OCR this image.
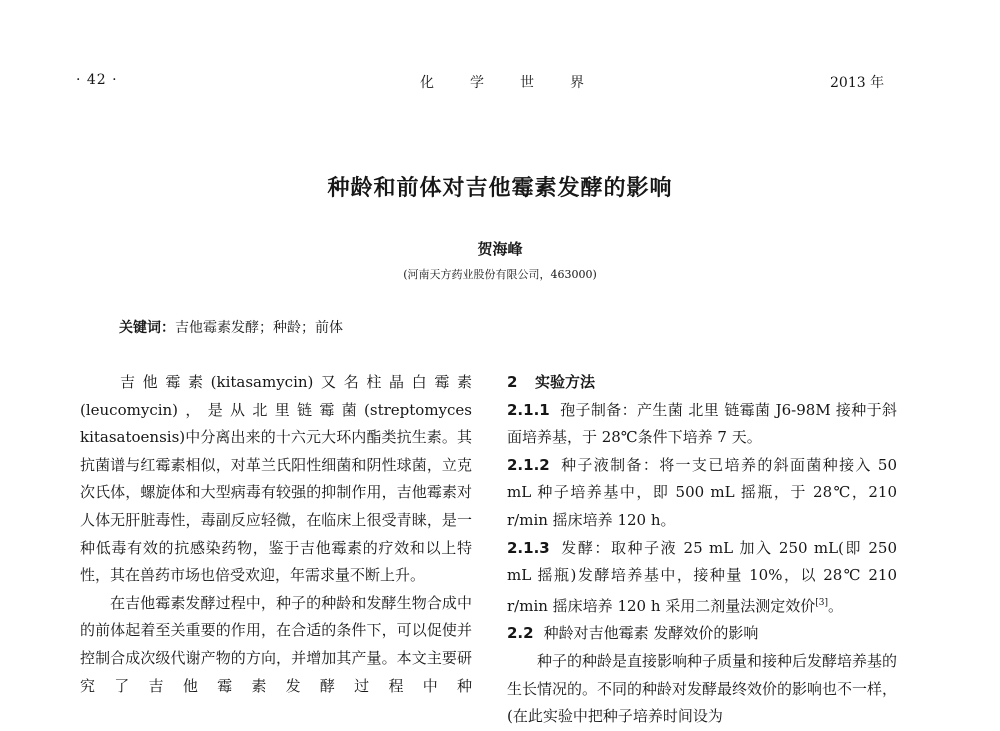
· 42 ·	化学世界	2013 年
种龄和前体对吉他霉素发酵的影响
贺海峰
(河南天方药业股份有限公司，463000)
关键词：吉他霉素发酵；种龄；前体

吉他霉素(kitasamycin)又名柱晶白霉素(leucomycin)，是从北里链霉菌(streptomyces kitasatoensis)中分离出来的十六元大环内酯类抗生素。其抗菌谱与红霉素相似，对革兰氏阳性细菌和阴性球菌，立克次氏体，螺旋体和大型病毒有较强的抑制作用，吉他霉素对人体无肝脏毒性，毒副反应轻微，在临床上很受青睐，是一种低毒有效的抗感染药物，鉴于吉他霉素的疗效和以上特性，其在兽药市场也倍受欢迎，年需求量不断上升。

在吉他霉素发酵过程中，种子的种龄和发酵生物合成中的前体起着至关重要的作用，在合适的条件下，可以促使并控制合成次级代谢产物的方向，并增加其产量。本文主要研究了吉他霉素发酵过程中种

2 实验方法
2.1.1 孢子制备：产生菌 北里 链霉菌 J6-98M 接种于斜面培养基，于 28℃条件下培养 7 天。
2.1.2 种子液制备：将一支已培养的斜面菌种接入 50 mL 种子培养基中，即 500 mL 摇瓶，于 28℃，210 r/min 摇床培养 120 h。
2.1.3 发酵：取种子液 25 mL 加入 250 mL(即 250 mL 摇瓶)发酵培养基中，接种量 10%，以 28℃ 210 r/min 摇床培养 120 h 采用二剂量法测定效价[3]。
2.2 种龄对吉他霉素 发酵效价的影响
种子的种龄是直接影响种子质量和接种后发酵培养基的生长情况的。不同的种龄对发酵最终效价的影响也不一样，(在此实验中把种子培养时间设为
